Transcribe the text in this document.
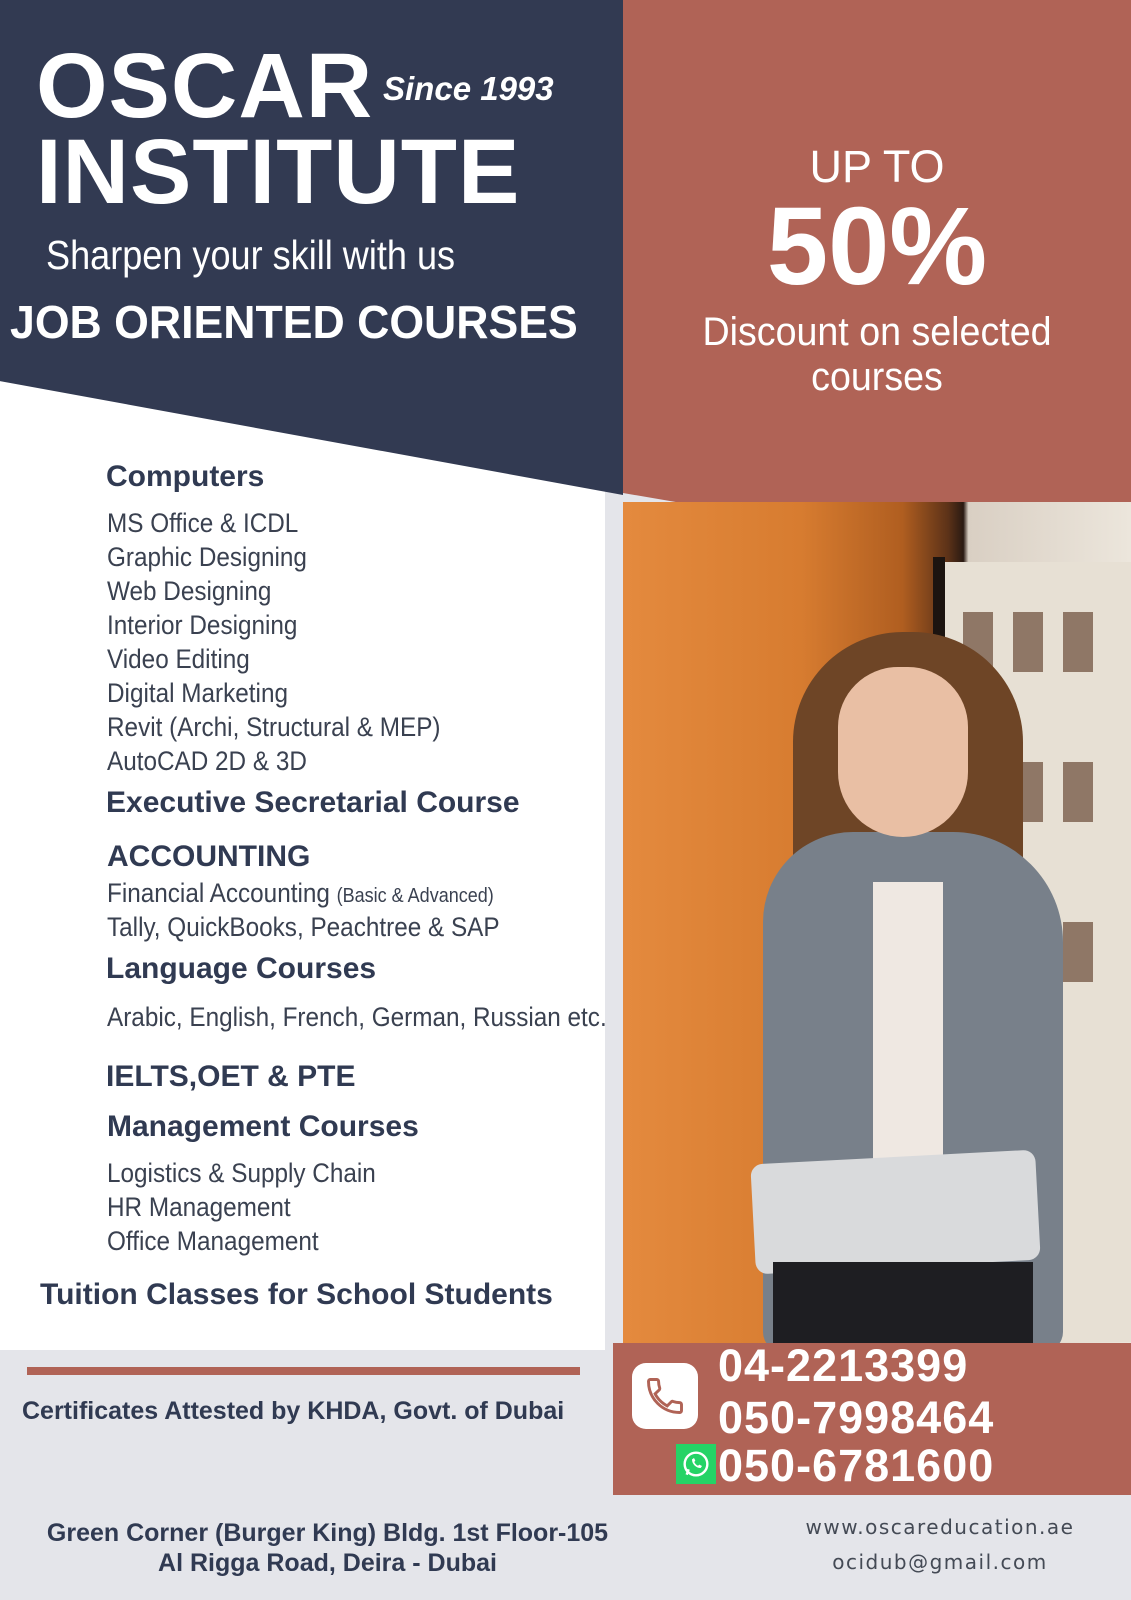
OSCAR
INSTITUTE
Since 1993
Sharpen your skill with us
JOB ORIENTED COURSES
UP TO
50%
Discount on selected
courses
Computers
MS Office & ICDL
Graphic Designing
Web Designing
Interior Designing
Video Editing
Digital Marketing
Revit (Archi, Structural & MEP)
AutoCAD 2D & 3D
Executive Secretarial Course
ACCOUNTING
Financial Accounting (Basic & Advanced)
Tally, QuickBooks, Peachtree & SAP
Language Courses
Arabic, English, French, German, Russian etc.
IELTS,OET & PTE
Management Courses
Logistics & Supply Chain
HR Management
Office Management
Tuition Classes for School Students
Certificates Attested by KHDA, Govt. of Dubai
04-2213399
050-7998464
050-6781600
Green Corner (Burger King) Bldg. 1st Floor-105
Al Rigga Road, Deira - Dubai
www.oscareducation.ae
ocidub@gmail.com
